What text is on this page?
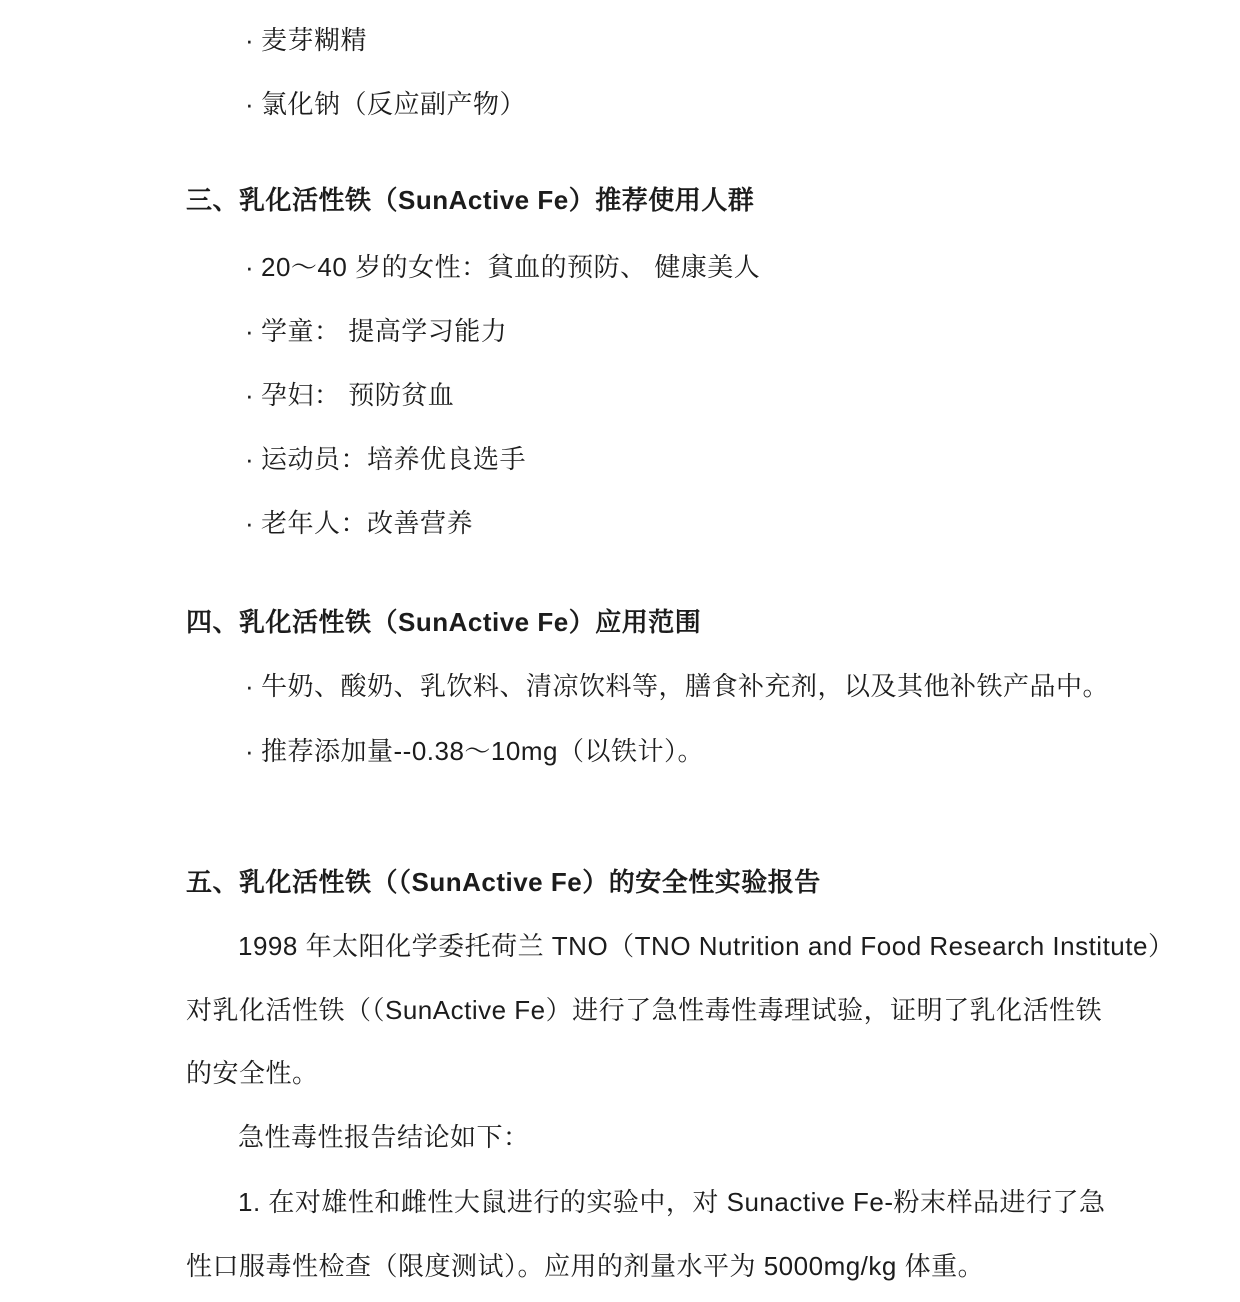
· 麦芽糊精
· 氯化钠（反应副产物）
三、乳化活性铁（SunActive Fe）推荐使用人群
· 20～40 岁的女性：貧血的预防、 健康美人
· 学童： 提高学习能力
· 孕妇： 预防贫血
· 运动员：培养优良选手
· 老年人：改善营养
四、乳化活性铁（SunActive Fe）应用范围
· 牛奶、酸奶、乳饮料、清凉饮料等，膳食补充剂，以及其他补铁产品中。
· 推荐添加量--0.38～10mg（以铁计）。
五、乳化活性铁（（SunActive Fe）的安全性实验报告
1998 年太阳化学委托荷兰 TNO（TNO Nutrition and Food Research Institute）
对乳化活性铁（（SunActive Fe）进行了急性毒性毒理试验，证明了乳化活性铁
的安全性。
急性毒性报告结论如下：
1. 在对雄性和雌性大鼠进行的实验中，对 Sunactive Fe-粉末样品进行了急
性口服毒性检查（限度测试）。应用的剂量水平为 5000mg/kg 体重。
